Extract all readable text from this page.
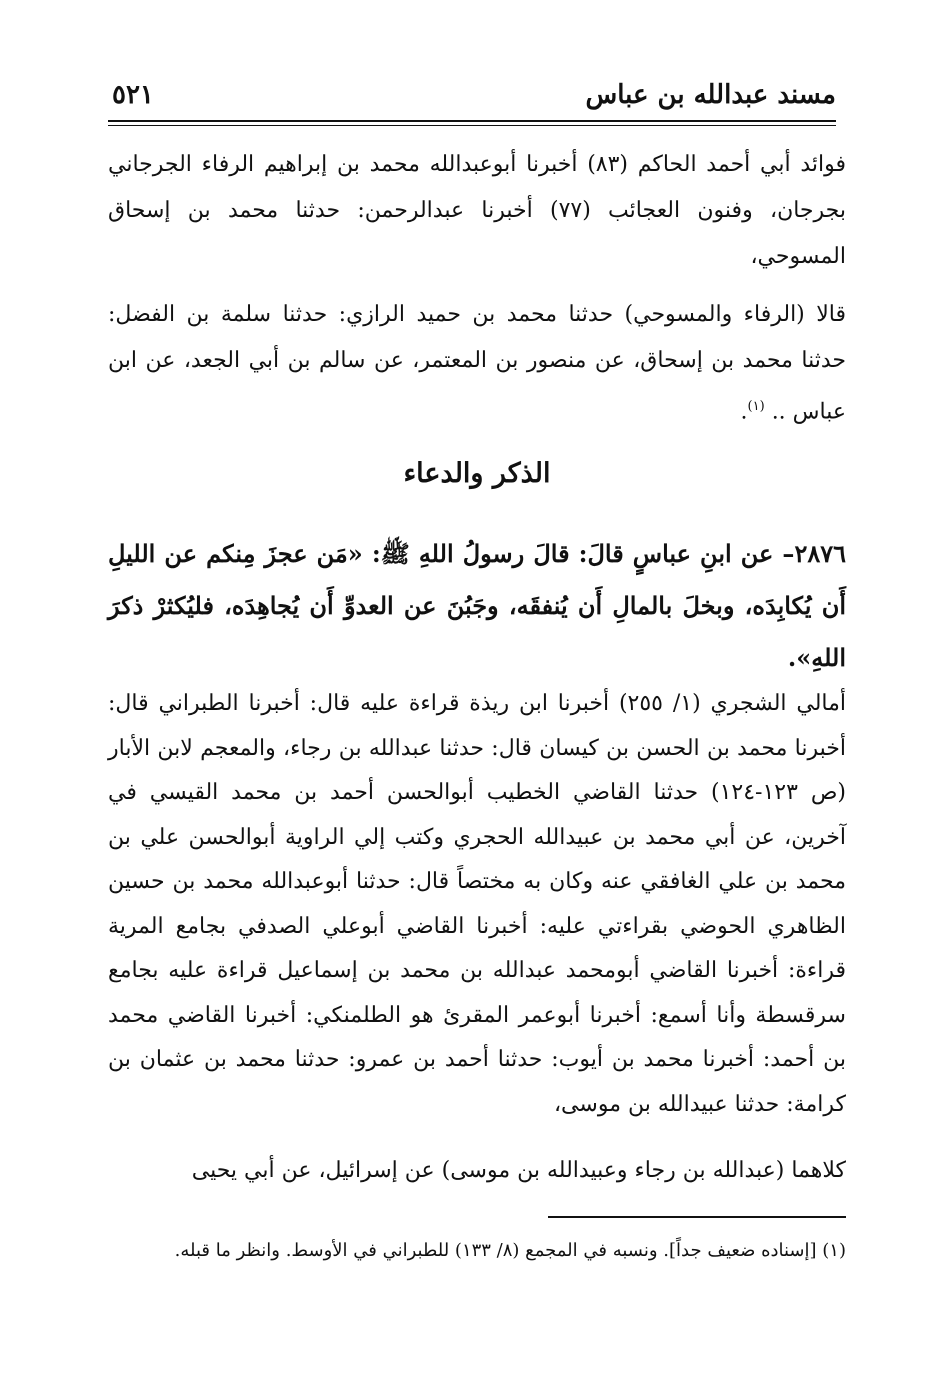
مسند عبدالله بن عباس
٥٢١

فوائد أبي أحمد الحاكم (٨٣) أخبرنا أبوعبدالله محمد بن إبراهيم الرفاء الجرجاني بجرجان، وفنون العجائب (٧٧) أخبرنا عبدالرحمن: حدثنا محمد بن إسحاق المسوحي،

قالا (الرفاء والمسوحي) حدثنا محمد بن حميد الرازي: حدثنا سلمة بن الفضل: حدثنا محمد بن إسحاق، عن منصور بن المعتمر، عن سالم بن أبي الجعد، عن ابن عباس .. $^{(١)}$.

الذكر والدعاء

٢٨٧٦– عن ابنِ عباسٍ قالَ: قالَ رسولُ اللهِ ﷺ: «مَن عجزَ مِنكم عن الليلِ أَن يُكابِدَه، وبخلَ بالمالِ أَن يُنفقَه، وجَبُنَ عن العدوِّ أَن يُجاهِدَه، فليُكثرْ ذكرَ اللهِ».

أمالي الشجري (١/ ٢٥٥) أخبرنا ابن ريذة قراءة عليه قال: أخبرنا الطبراني قال: أخبرنا محمد بن الحسن بن كيسان قال: حدثنا عبدالله بن رجاء، والمعجم لابن الأبار (ص ١٢٣-١٢٤) حدثنا القاضي الخطيب أبوالحسن أحمد بن محمد القيسي في آخرين، عن أبي محمد بن عبيدالله الحجري وكتب إلي الراوية أبوالحسن علي بن محمد بن علي الغافقي عنه وكان به مختصاً قال: حدثنا أبوعبدالله محمد بن حسين الظاهري الحوضي بقراءتي عليه: أخبرنا القاضي أبوعلي الصدفي بجامع المرية قراءة: أخبرنا القاضي أبومحمد عبدالله بن محمد بن إسماعيل قراءة عليه بجامع سرقسطة وأنا أسمع: أخبرنا أبوعمر المقرئ هو الطلمنكي: أخبرنا القاضي محمد بن أحمد: أخبرنا محمد بن أيوب: حدثنا أحمد بن عمرو: حدثنا محمد بن عثمان بن كرامة: حدثنا عبيدالله بن موسى،

كلاهما (عبدالله بن رجاء وعبيدالله بن موسى) عن إسرائيل، عن أبي يحيى

(١) [إسناده ضعيف جداً]. ونسبه في المجمع (٨/ ١٣٣) للطبراني في الأوسط. وانظر ما قبله.
